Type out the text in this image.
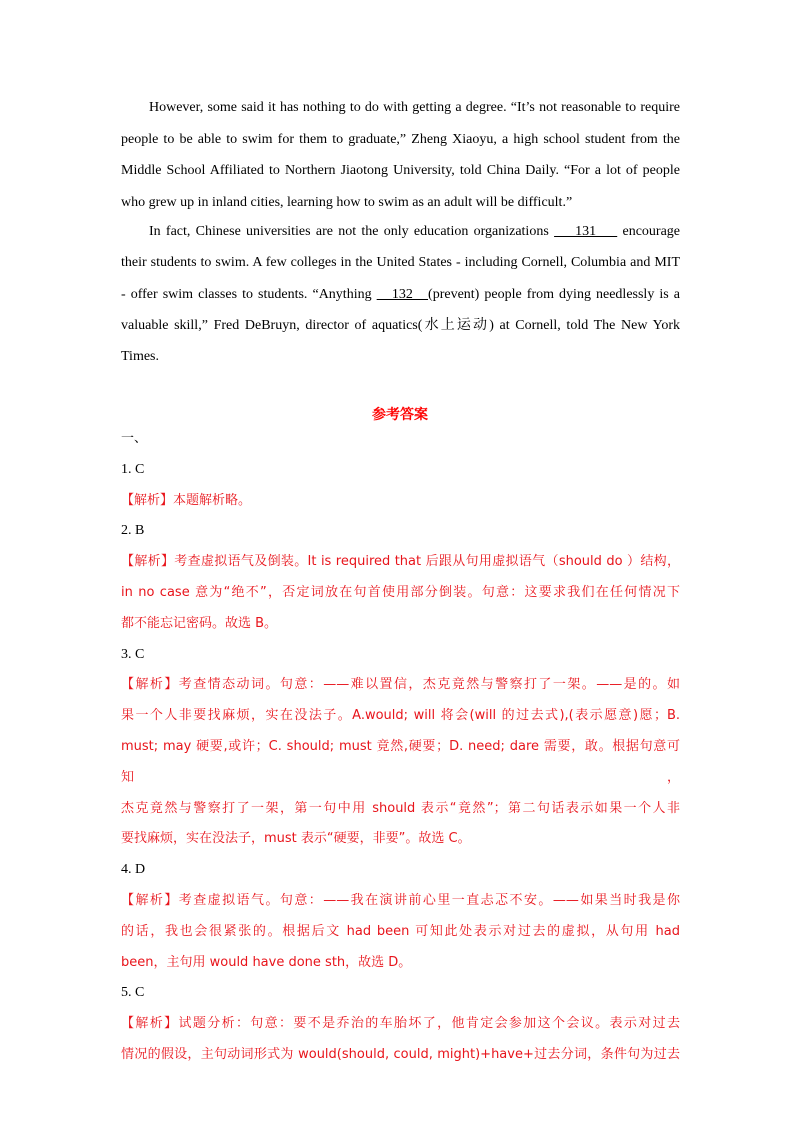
However, some said it has nothing to do with getting a degree. “It’s not reasonable to require
people to be able to swim for them to graduate,” Zheng Xiaoyu, a high school student from the
Middle School Affiliated to Northern Jiaotong University, told China Daily. “For a lot of people
who grew up in inland cities, learning how to swim as an adult will be difficult.”
In fact, Chinese universities are not the only education organizations     131     encourage
their students to swim. A few colleges in the United States - including Cornell, Columbia and MIT
- offer swim classes to students. “Anything    132   (prevent) people from dying needlessly is a
valuable skill,” Fred DeBruyn, director of aquatics(水上运动) at Cornell, told The New York
Times.
参考答案
一、
1. C
【解析】本题解析略。
2. B
【解析】考查虚拟语气及倒装。It is required that 后跟从句用虚拟语气（should do ）结构，
in no case 意为“绝不”，否定词放在句首使用部分倒装。句意：这要求我们在任何情况下
都不能忘记密码。故选 B。
3. C
【解析】考查情态动词。句意：——难以置信，杰克竟然与警察打了一架。——是的。如
果一个人非要找麻烦，实在没法子。A.would; will 将会(will 的过去式),(表示愿意)愿；B.
must; may 硬要,或许；C. should; must 竟然,硬要；D. need; dare 需要，敢。根据句意可知，
杰克竟然与警察打了一架，第一句中用 should 表示“竟然”；第二句话表示如果一个人非
要找麻烦，实在没法子，must 表示“硬要，非要”。故选 C。
4. D
【解析】考查虚拟语气。句意：——我在演讲前心里一直忐忑不安。——如果当时我是你
的话，我也会很紧张的。根据后文 had been 可知此处表示对过去的虚拟，从句用 had
been，主句用 would have done sth，故选 D。
5. C
【解析】试题分析：句意：要不是乔治的车胎坏了，他肯定会参加这个会议。表示对过去
情况的假设，主句动词形式为 would(should, could, might)+have+过去分词，条件句为过去
